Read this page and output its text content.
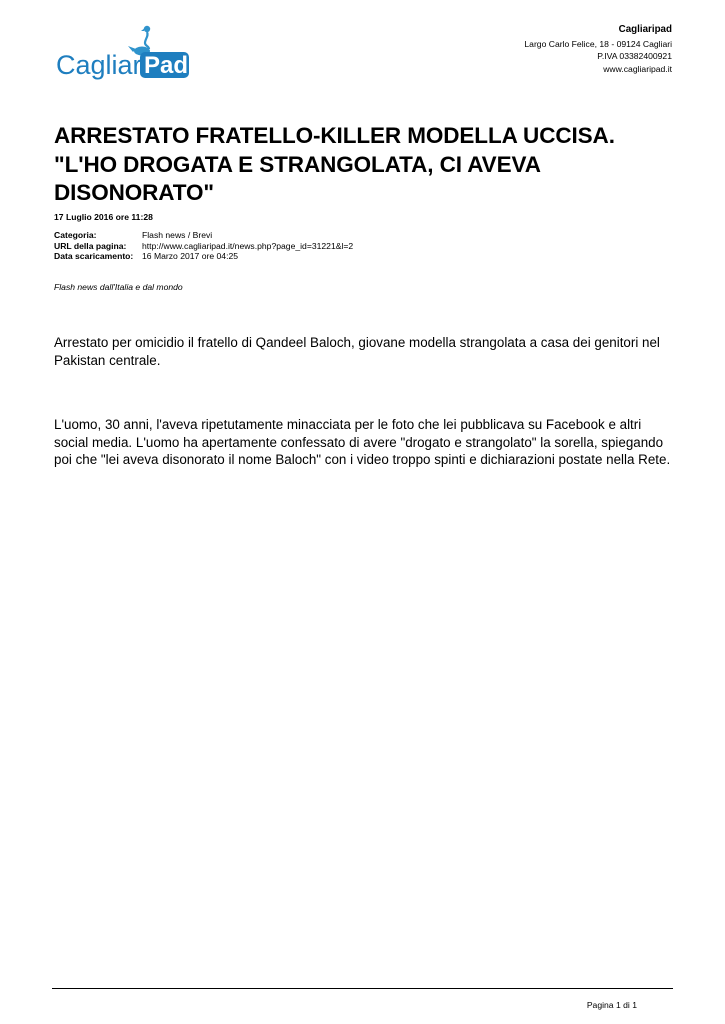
Cagliari
Pad
Cagliaripad
Largo Carlo Felice, 18 - 09124 Cagliari
P.IVA 03382400921
www.cagliaripad.it
ARRESTATO FRATELLO-KILLER MODELLA UCCISA. "L'HO DROGATA E STRANGOLATA, CI AVEVA DISONORATO"
17 Luglio 2016 ore 11:28
Categoria:	Flash news / Brevi
URL della pagina:	http://www.cagliaripad.it/news.php?page_id=31221&l=2
Data scaricamento:	16 Marzo 2017 ore 04:25
Flash news dall'Italia e dal mondo

Arrestato per omicidio il fratello di Qandeel Baloch, giovane modella strangolata a casa dei genitori nel Pakistan centrale.

L'uomo, 30 anni, l'aveva ripetutamente minacciata per le foto che lei pubblicava su Facebook e altri social media. L'uomo ha apertamente confessato di avere "drogato e strangolato" la sorella, spiegando poi che "lei aveva disonorato il nome Baloch" con i video troppo spinti e dichiarazioni postate nella Rete.

Pagina 1 di 1
